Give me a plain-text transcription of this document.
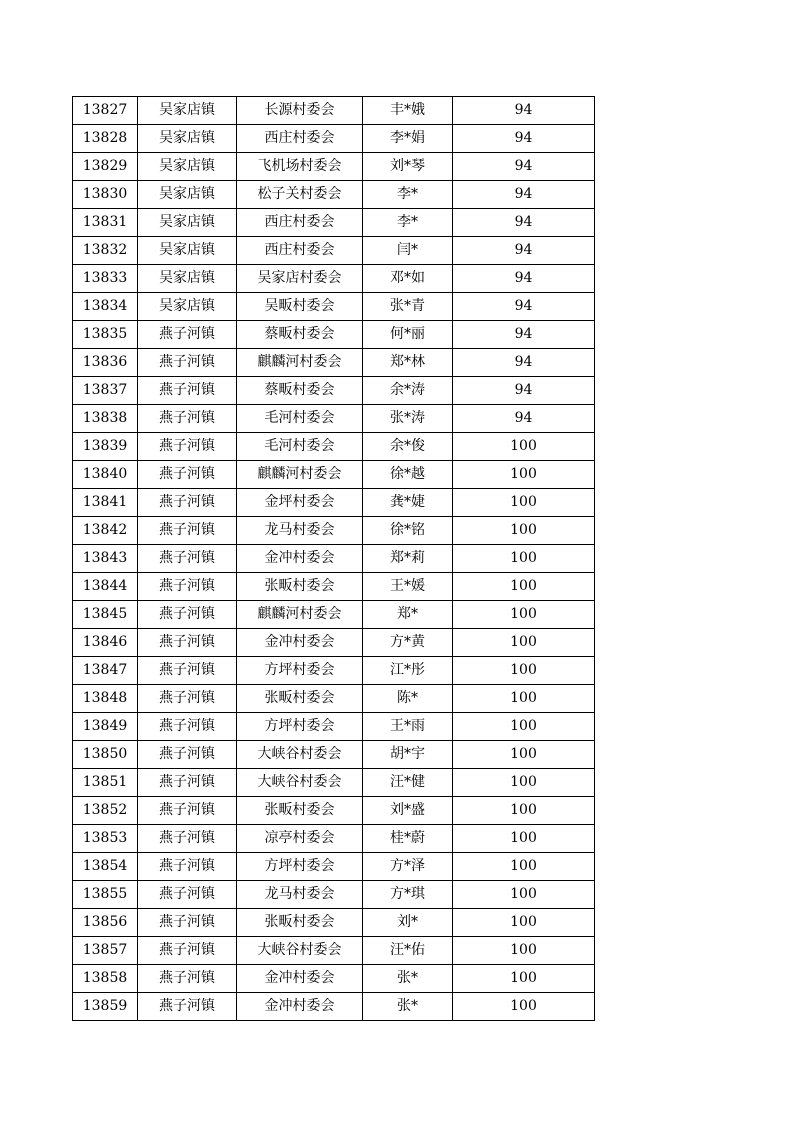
13827	吴家店镇	长源村委会	丰*娥	94
13828	吴家店镇	西庄村委会	李*娟	94
13829	吴家店镇	飞机场村委会	刘*琴	94
13830	吴家店镇	松子关村委会	李*	94
13831	吴家店镇	西庄村委会	李*	94
13832	吴家店镇	西庄村委会	闫*	94
13833	吴家店镇	吴家店村委会	邓*如	94
13834	吴家店镇	吴畈村委会	张*青	94
13835	燕子河镇	蔡畈村委会	何*丽	94
13836	燕子河镇	麒麟河村委会	郑*林	94
13837	燕子河镇	蔡畈村委会	余*涛	94
13838	燕子河镇	毛河村委会	张*涛	94
13839	燕子河镇	毛河村委会	余*俊	100
13840	燕子河镇	麒麟河村委会	徐*越	100
13841	燕子河镇	金坪村委会	龚*婕	100
13842	燕子河镇	龙马村委会	徐*铭	100
13843	燕子河镇	金冲村委会	郑*莉	100
13844	燕子河镇	张畈村委会	王*媛	100
13845	燕子河镇	麒麟河村委会	郑*	100
13846	燕子河镇	金冲村委会	方*黄	100
13847	燕子河镇	方坪村委会	江*彤	100
13848	燕子河镇	张畈村委会	陈*	100
13849	燕子河镇	方坪村委会	王*雨	100
13850	燕子河镇	大峡谷村委会	胡*宇	100
13851	燕子河镇	大峡谷村委会	汪*健	100
13852	燕子河镇	张畈村委会	刘*盛	100
13853	燕子河镇	凉亭村委会	桂*蔚	100
13854	燕子河镇	方坪村委会	方*泽	100
13855	燕子河镇	龙马村委会	方*琪	100
13856	燕子河镇	张畈村委会	刘*	100
13857	燕子河镇	大峡谷村委会	汪*佑	100
13858	燕子河镇	金冲村委会	张*	100
13859	燕子河镇	金冲村委会	张*	100
